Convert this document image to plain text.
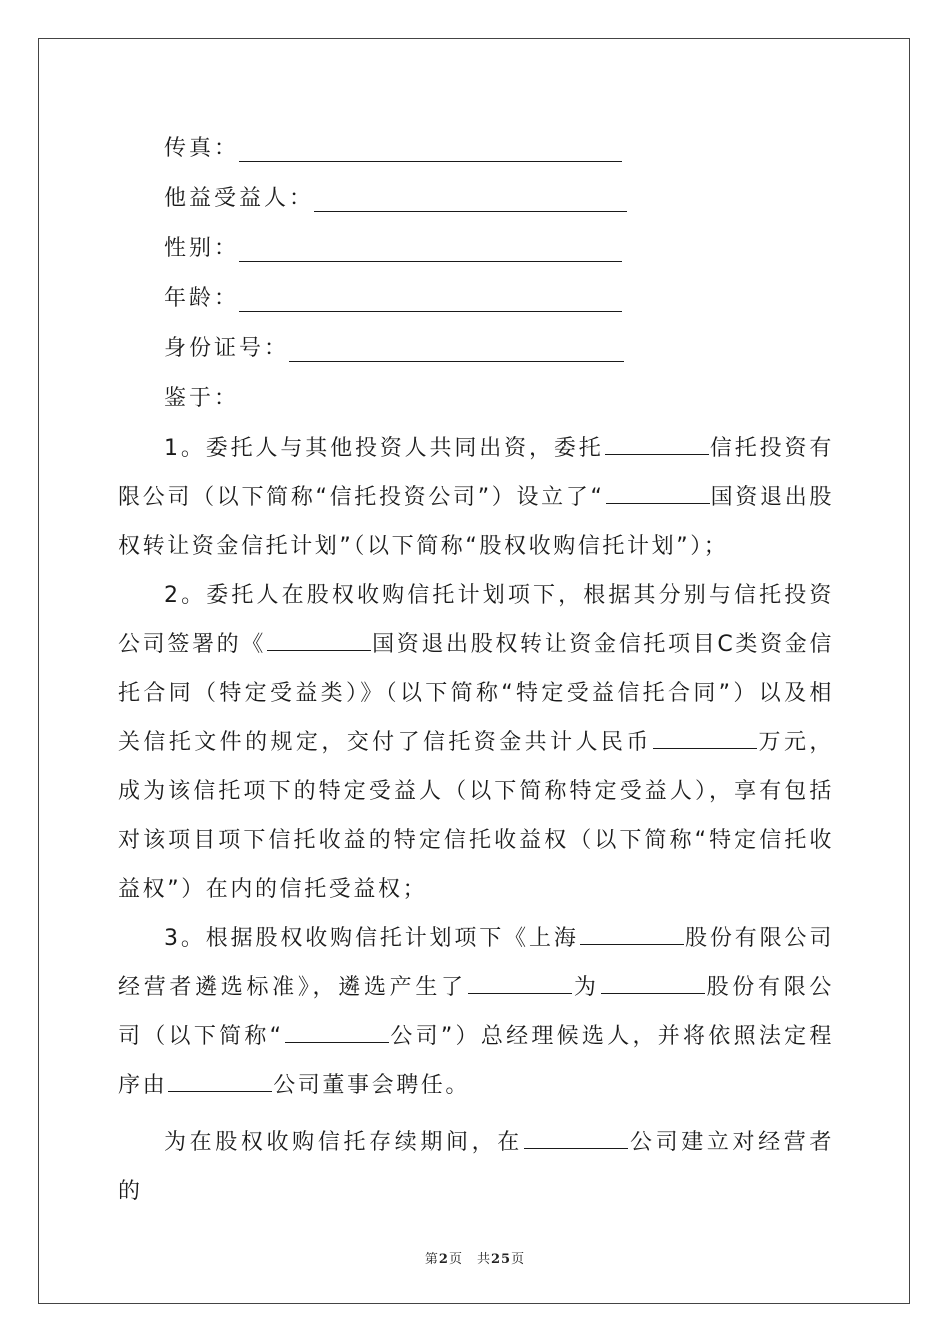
传真：
他益受益人：
性别：
年龄：
身份证号：
鉴于：

1。委托人与其他投资人共同出资，委托	信托投资有限公司（以下简称“信托投资公司”）设立了“	国资退出股权转让资金信托计划”（以下简称“股权收购信托计划”）；

2。委托人在股权收购信托计划项下，根据其分别与信托投资公司签署的《	国资退出股权转让资金信托项目C类资金信托合同（特定受益类）》（以下简称“特定受益信托合同”）以及相关信托文件的规定，交付了信托资金共计人民币	万元，成为该信托项下的特定受益人（以下简称特定受益人），享有包括对该项目项下信托收益的特定信托收益权（以下简称“特定信托收益权”）在内的信托受益权；

3。根据股权收购信托计划项下《上海	股份有限公司经营者遴选标准》，遴选产生了	为	股份有限公司（以下简称“	公司”）总经理候选人，并将依照法定程序由	公司董事会聘任。

为在股权收购信托存续期间，在	公司建立对经营者的

第2页 共25页
